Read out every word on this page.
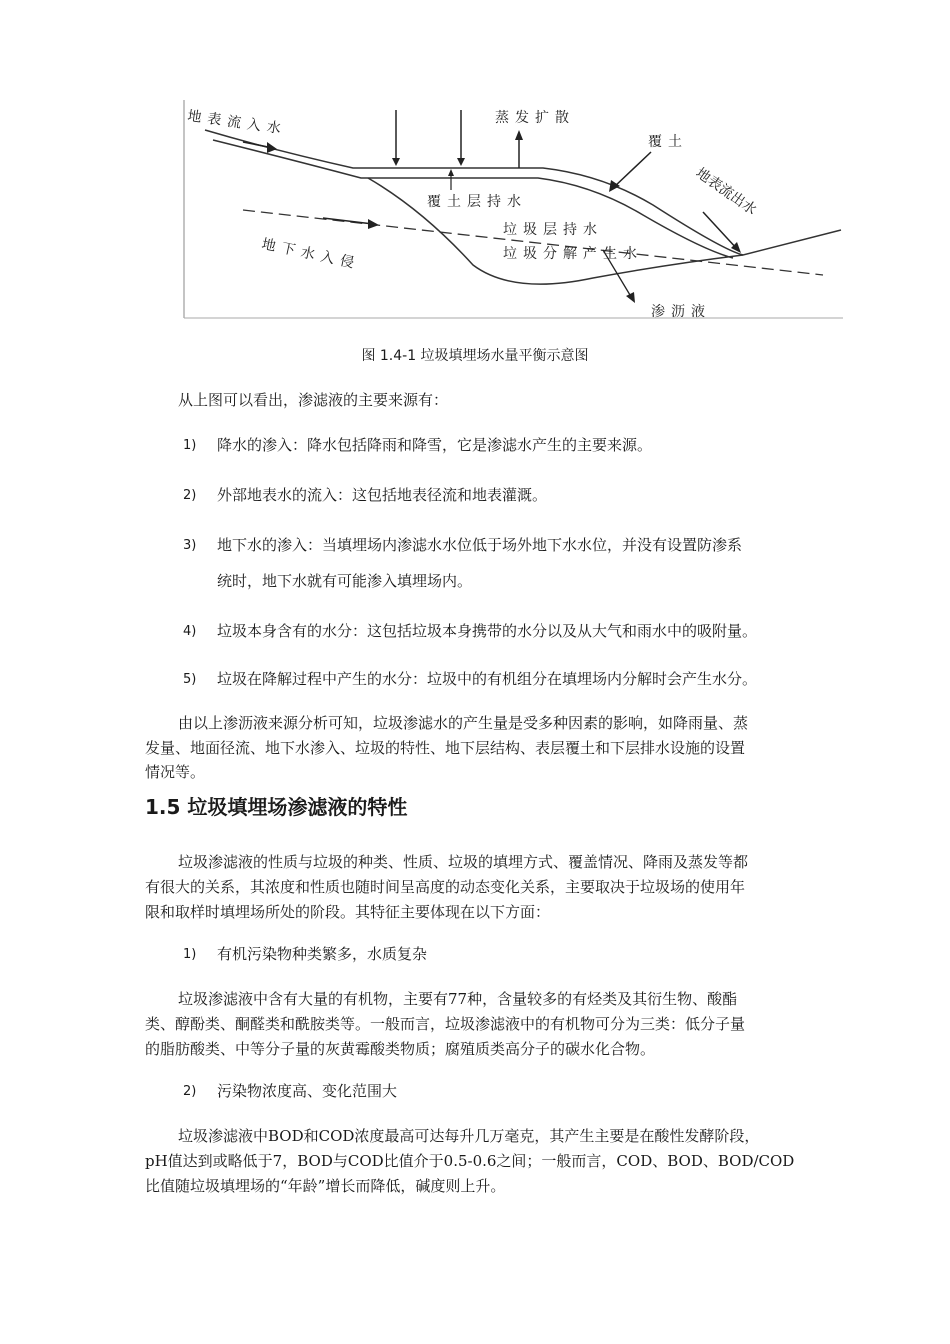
地表流入水	蒸发扩散
覆土
地表流出水
覆土层持水
垃圾层持水
垃圾分解产生水
地下水入侵
渗沥液
图 1.4-1 垃圾填埋场水量平衡示意图
从上图可以看出，渗滤液的主要来源有：
1) 降水的渗入：降水包括降雨和降雪，它是渗滤水产生的主要来源。
2) 外部地表水的流入：这包括地表径流和地表灌溉。
3) 地下水的渗入：当填埋场内渗滤水水位低于场外地下水水位，并没有设置防渗系
统时，地下水就有可能渗入填埋场内。
4) 垃圾本身含有的水分：这包括垃圾本身携带的水分以及从大气和雨水中的吸附量。
5) 垃圾在降解过程中产生的水分：垃圾中的有机组分在填埋场内分解时会产生水分。
由以上渗沥液来源分析可知，垃圾渗滤水的产生量是受多种因素的影响，如降雨量、蒸
发量、地面径流、地下水渗入、垃圾的特性、地下层结构、表层覆土和下层排水设施的设置
情况等。
1.5 垃圾填埋场渗滤液的特性
垃圾渗滤液的性质与垃圾的种类、性质、垃圾的填埋方式、覆盖情况、降雨及蒸发等都
有很大的关系，其浓度和性质也随时间呈高度的动态变化关系，主要取决于垃圾场的使用年
限和取样时填埋场所处的阶段。其特征主要体现在以下方面：
1) 有机污染物种类繁多，水质复杂
垃圾渗滤液中含有大量的有机物，主要有77种，含量较多的有烃类及其衍生物、酸酯
类、醇酚类、酮醛类和酰胺类等。一般而言，垃圾渗滤液中的有机物可分为三类：低分子量
的脂肪酸类、中等分子量的灰黄霉酸类物质；腐殖质类高分子的碳水化合物。
2) 污染物浓度高、变化范围大
垃圾渗滤液中BOD和COD浓度最高可达每升几万毫克，其产生主要是在酸性发酵阶段，
pH值达到或略低于7，BOD与COD比值介于0.5-0.6之间；一般而言，COD、BOD、BOD/COD
比值随垃圾填埋场的“年龄”增长而降低，碱度则上升。
